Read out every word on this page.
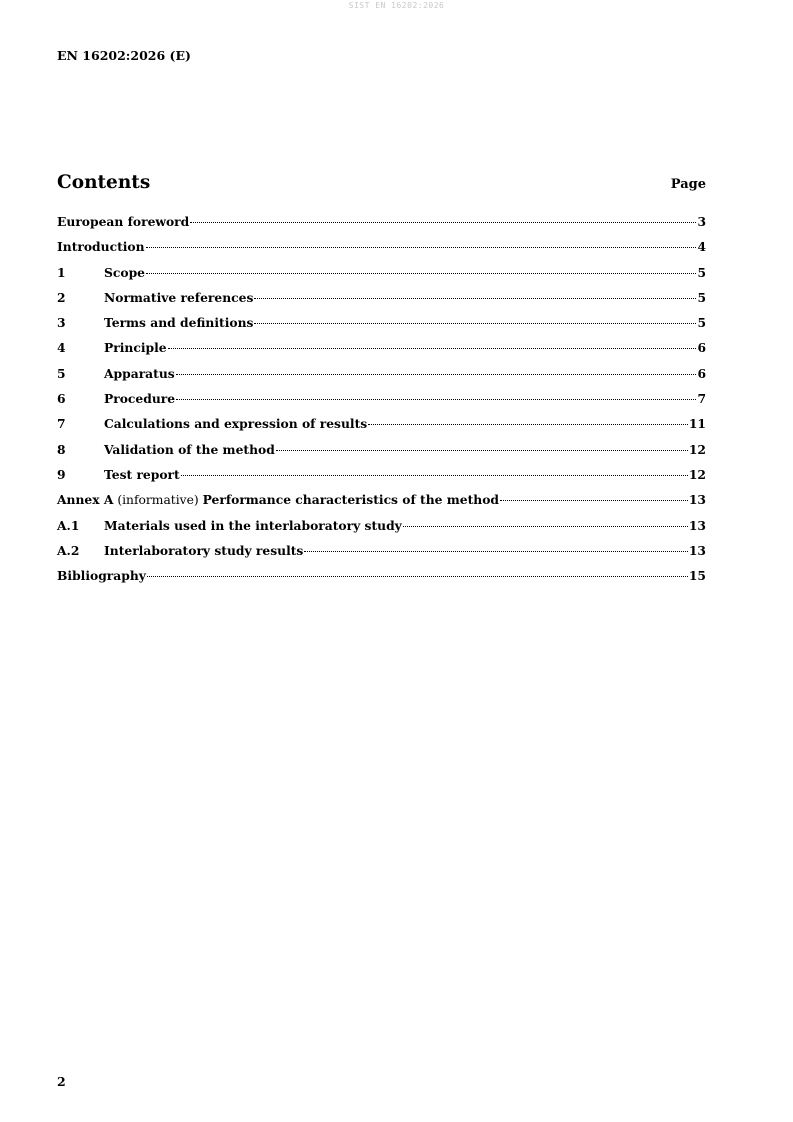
SIST EN 16202:2026
EN 16202:2026 (E)
Contents	Page
European foreword	3
Introduction	4
1	Scope	5
2	Normative references	5
3	Terms and definitions	5
4	Principle	6
5	Apparatus	6
6	Procedure	7
7	Calculations and expression of results	11
8	Validation of the method	12
9	Test report	12
Annex A (informative) Performance characteristics of the method	13
A.1	Materials used in the interlaboratory study	13
A.2	Interlaboratory study results	13
Bibliography	15
2
